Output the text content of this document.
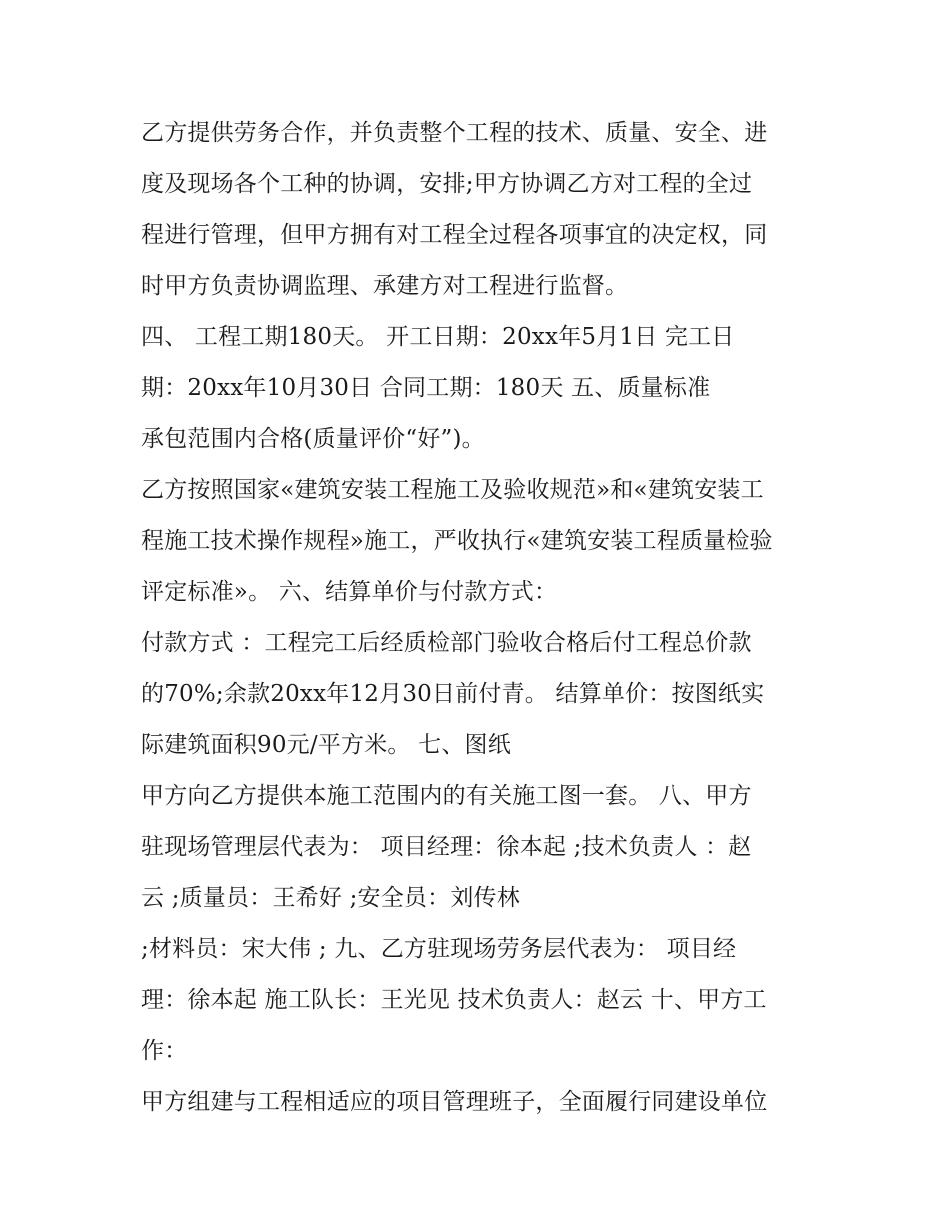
乙方提供劳务合作，并负责整个工程的技术、质量、安全、进
度及现场各个工种的协调，安排;甲方协调乙方对工程的全过
程进行管理，但甲方拥有对工程全过程各项事宜的决定权，同
时甲方负责协调监理、承建方对工程进行监督。
四、 工程工期180天。 开工日期：20xx年5月1日 完工日
期：20xx年10月30日 合同工期：180天 五、质量标准
承包范围内合格(质量评价“好”)。
乙方按照国家«建筑安装工程施工及验收规范»和«建筑安装工
程施工技术操作规程»施工，严收执行«建筑安装工程质量检验
评定标准»。 六、结算单价与付款方式：
付款方式 ：工程完工后经质检部门验收合格后付工程总价款
的70%;余款20xx年12月30日前付青。 结算单价：按图纸实
际建筑面积90元/平方米。 七、图纸
甲方向乙方提供本施工范围内的有关施工图一套。 八、甲方
驻现场管理层代表为： 项目经理：徐本起 ;技术负责人 ：赵
云 ;质量员：王希好 ;安全员：刘传林
;材料员：宋大伟 ; 九、乙方驻现场劳务层代表为： 项目经
理：徐本起 施工队长：王光见 技术负责人：赵云 十、甲方工
作：
甲方组建与工程相适应的项目管理班子，全面履行同建设单位
